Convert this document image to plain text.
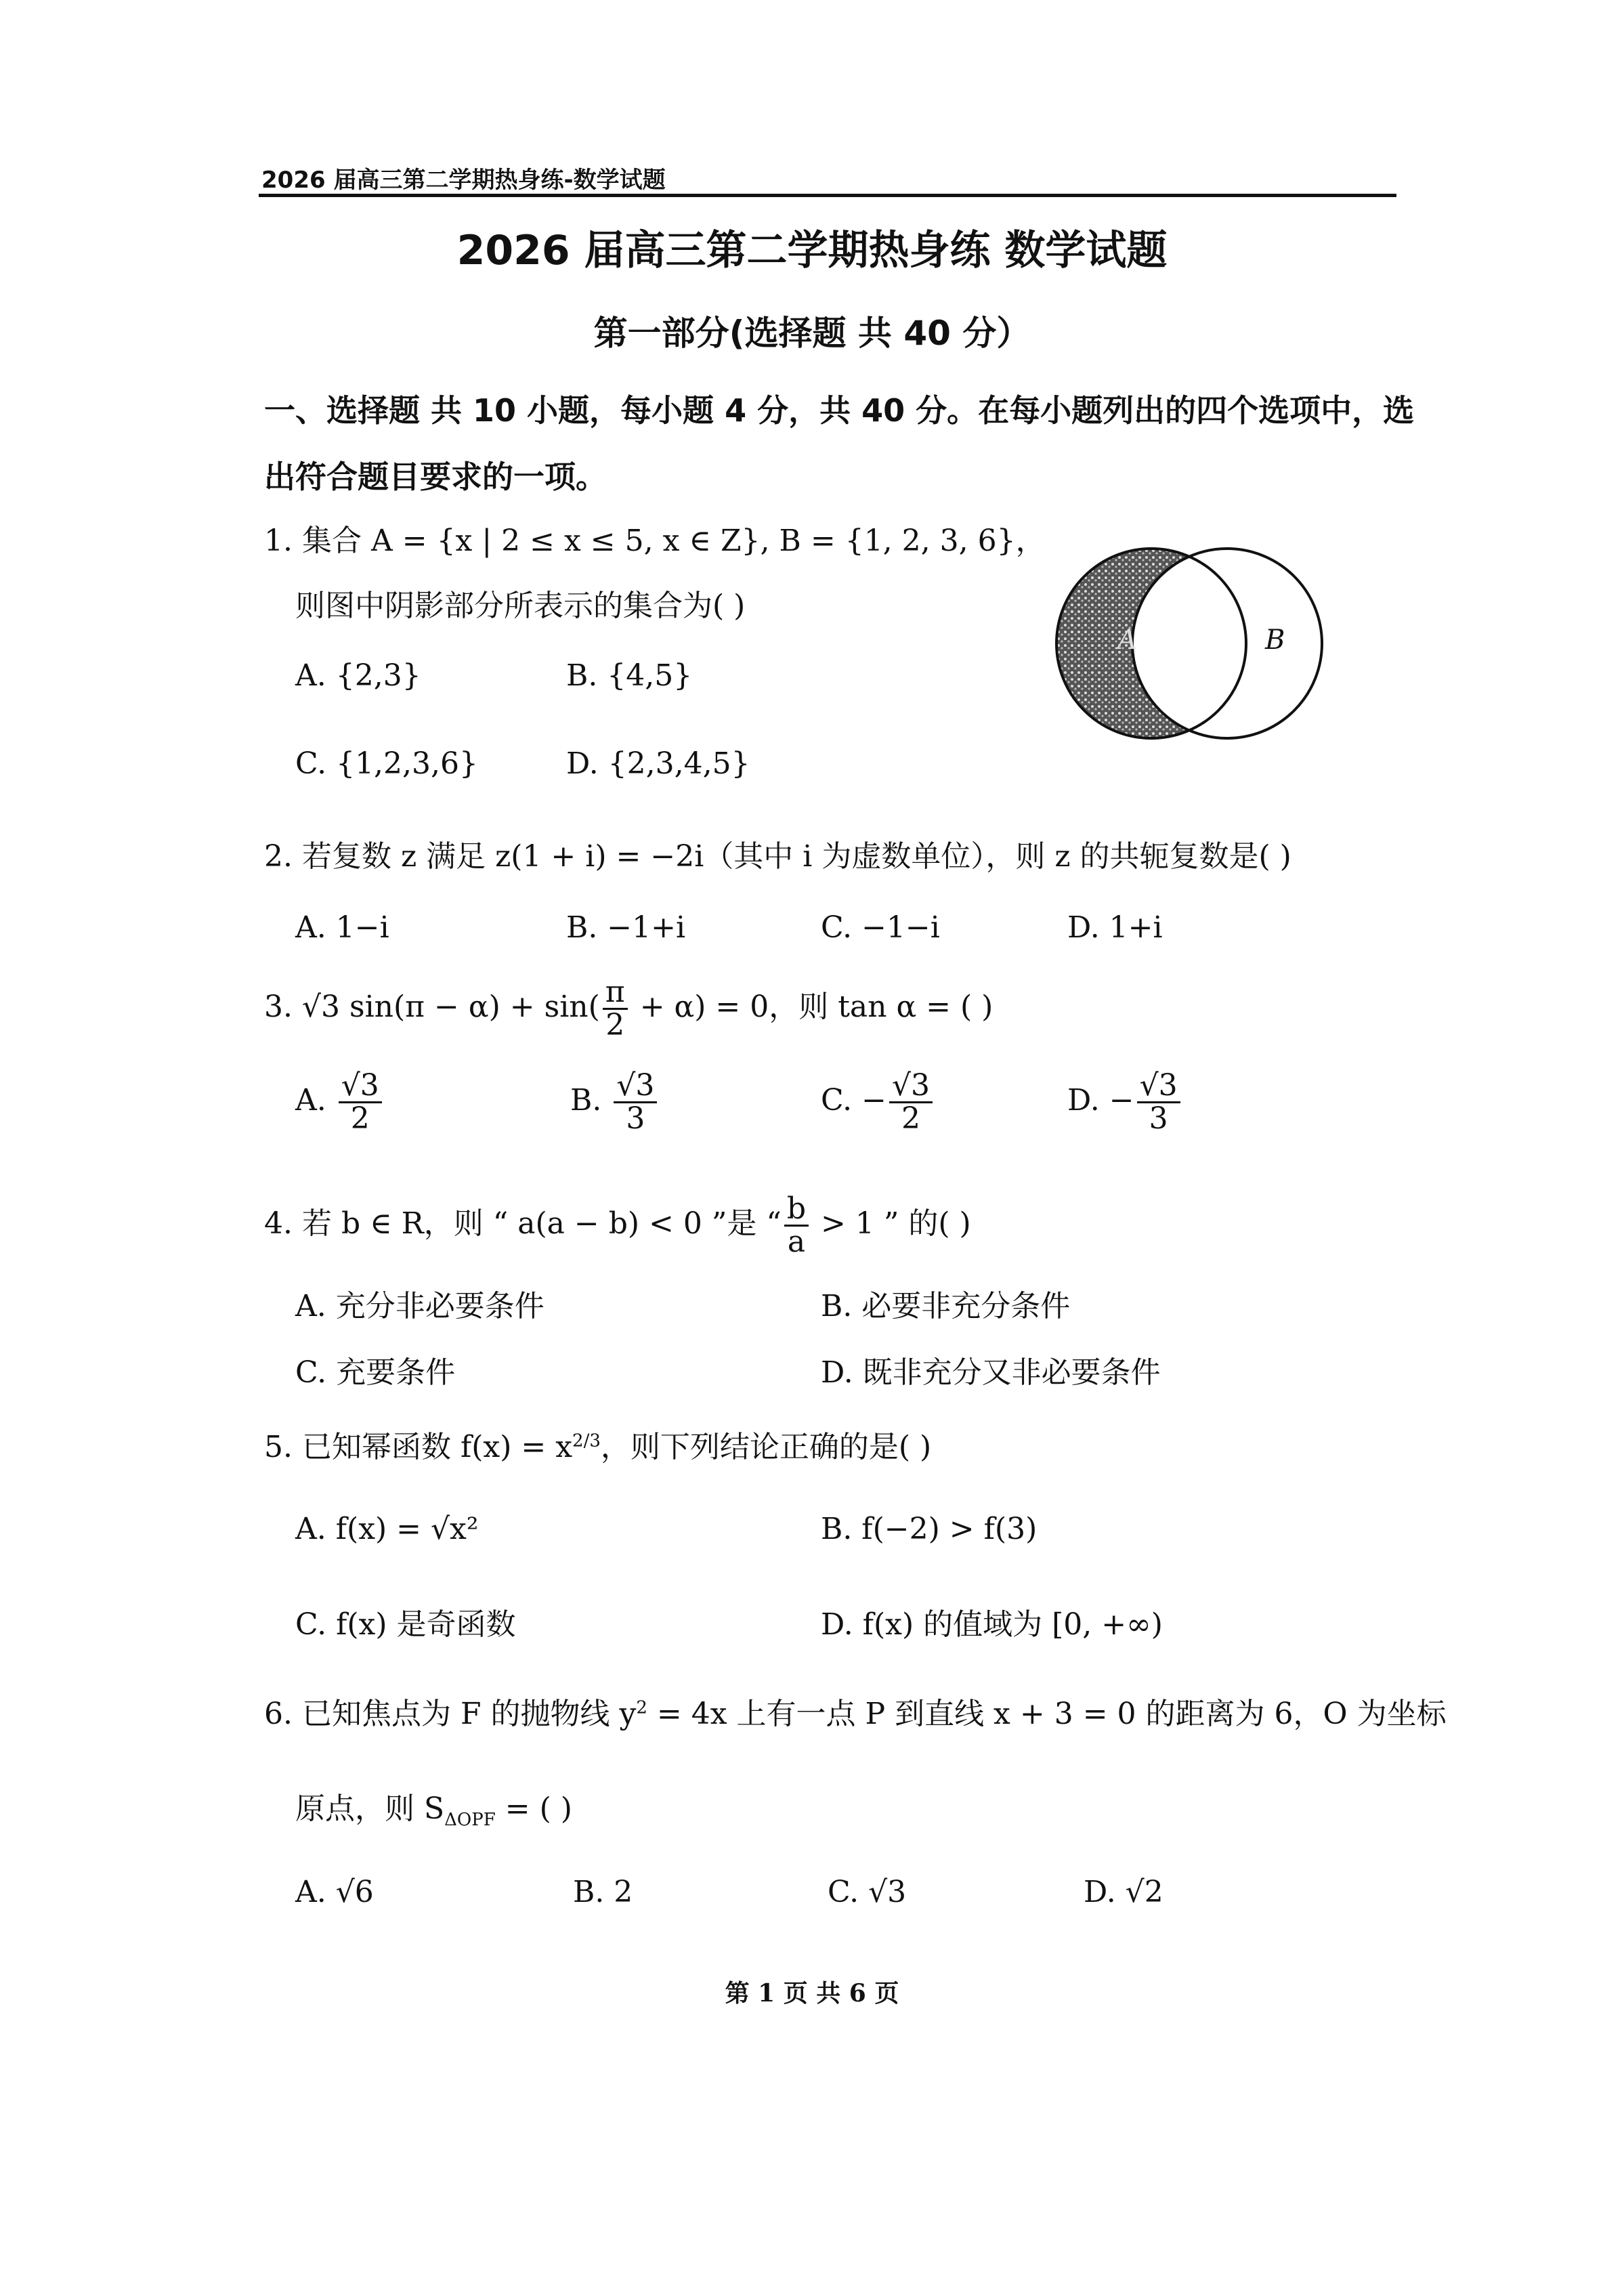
2026 届高三第二学期热身练-数学试题
2026 届高三第二学期热身练 数学试题
第一部分(选择题 共 40 分）
一、选择题 共 10 小题，每小题 4 分，共 40 分。在每小题列出的四个选项中，选
出符合题目要求的一项。
1. 集合 A = {x | 2 ≤ x ≤ 5, x ∈ Z}, B = {1, 2, 3, 6}，
则图中阴影部分所表示的集合为( )
A. {2,3}	B. {4,5}
C. {1,2,3,6}	D. {2,3,4,5}
A	B
2. 若复数 z 满足 z(1 + i) = −2i（其中 i 为虚数单位），则 z 的共轭复数是( )
A. 1−i	B. −1+i	C. −1−i	D. 1+i
3. √3 $\sin(\pi - \alpha) + \sin( \frac{\pi}{2} + \alpha) = 0$，则 tan α = ( )
A. $\frac{√3}{2}$	B. $\frac{√3}{3}$	C. − $\frac{√3}{2}$	D. − $\frac{√3}{3}$
4. 若 b ∈ R，则 “ a(a − b) < 0 ”是 “ $\frac{b}{a} > 1$ ” 的( )
A. 充分非必要条件	B. 必要非充分条件
C. 充要条件	D. 既非充分又非必要条件
5. 已知幂函数 $f(x) = x^{2/3}$，则下列结论正确的是( )
A. f(x) = √x²	B. f(−2) > f(3)
C. f(x) 是奇函数	D. f(x) 的值域为 [0, +∞)
6. 已知焦点为 F 的抛物线 $y^2 = 4x$ 上有一点 P 到直线 x + 3 = 0 的距离为 6，O 为坐标
原点，则 $S_{\Delta OPF}$ = ( )
A. √6	B. 2	C. √3	D. √2
第 1 页 共 6 页
